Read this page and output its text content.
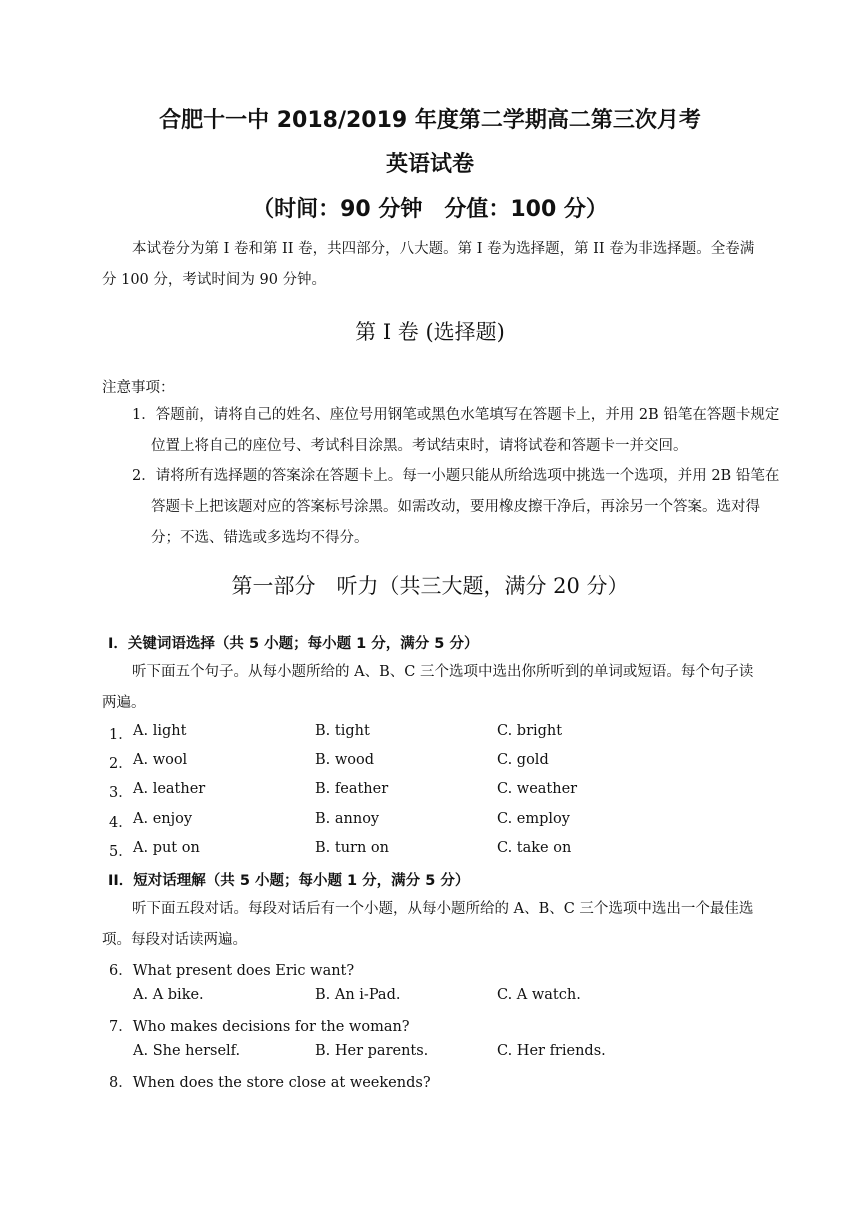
合肥十一中 2018/2019 年度第二学期高二第三次月考
英语试卷
（时间：90 分钟　分值：100 分）
本试卷分为第 I 卷和第 II 卷，共四部分，八大题。第 I 卷为选择题，第 II 卷为非选择题。全卷满分 100 分，考试时间为 90 分钟。
第 I 卷 (选择题)
注意事项：
1．答题前，请将自己的姓名、座位号用钢笔或黑色水笔填写在答题卡上，并用 2B 铅笔在答题卡规定位置上将自己的座位号、考试科目涂黑。考试结束时，请将试卷和答题卡一并交回。
2．请将所有选择题的答案涂在答题卡上。每一小题只能从所给选项中挑选一个选项，并用 2B 铅笔在答题卡上把该题对应的答案标号涂黑。如需改动，要用橡皮擦干净后，再涂另一个答案。选对得分；不选、错选或多选均不得分。
第一部分　听力（共三大题，满分 20 分）
I．关键词语选择（共 5 小题；每小题 1 分，满分 5 分）
听下面五个句子。从每小题所给的 A、B、C 三个选项中选出你所听到的单词或短语。每个句子读两遍。
1． A. light	B. tight	C. bright
2． A. wool	B. wood	C. gold
3． A. leather	B. feather	C. weather
4． A. enjoy	B. annoy	C. employ
5． A. put on	B. turn on	C. take on
II．短对话理解（共 5 小题；每小题 1 分，满分 5 分）
听下面五段对话。每段对话后有一个小题，从每小题所给的 A、B、C 三个选项中选出一个最佳选项。每段对话读两遍。
6．What present does Eric want?
A. A bike.	B. An i-Pad.	C. A watch.
7．Who makes decisions for the woman?
A. She herself.	B. Her parents.	C. Her friends.
8．When does the store close at weekends?
